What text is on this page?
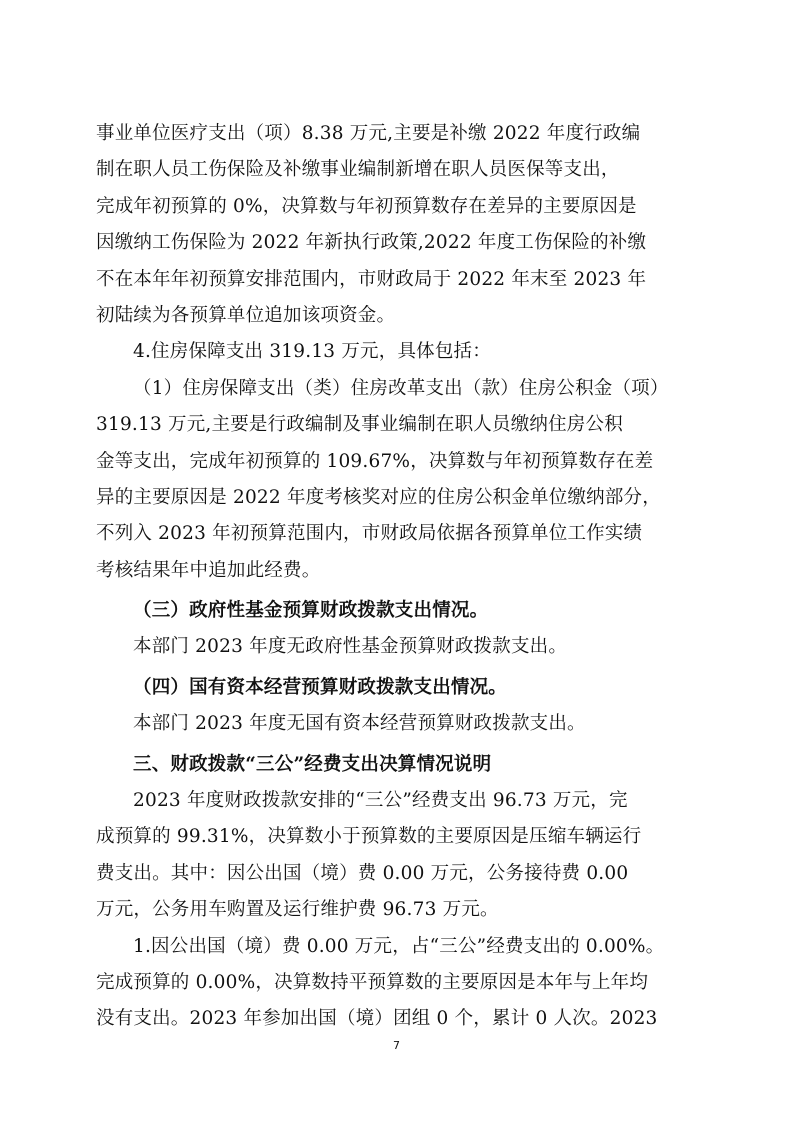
事业单位医疗支出（项）8.38 万元,主要是补缴 2022 年度行政编
制在职人员工伤保险及补缴事业编制新增在职人员医保等支出，
完成年初预算的 0%，决算数与年初预算数存在差异的主要原因是
因缴纳工伤保险为 2022 年新执行政策,2022 年度工伤保险的补缴
不在本年年初预算安排范围内，市财政局于 2022 年末至 2023 年
初陆续为各预算单位追加该项资金。
4.住房保障支出 319.13 万元，具体包括：
（1）住房保障支出（类）住房改革支出（款）住房公积金（项）
319.13 万元,主要是行政编制及事业编制在职人员缴纳住房公积
金等支出，完成年初预算的 109.67%，决算数与年初预算数存在差
异的主要原因是 2022 年度考核奖对应的住房公积金单位缴纳部分，
不列入 2023 年初预算范围内，市财政局依据各预算单位工作实绩
考核结果年中追加此经费。
（三）政府性基金预算财政拨款支出情况。
本部门 2023 年度无政府性基金预算财政拨款支出。
（四）国有资本经营预算财政拨款支出情况。
本部门 2023 年度无国有资本经营预算财政拨款支出。
三、财政拨款“三公”经费支出决算情况说明
2023 年度财政拨款安排的“三公”经费支出 96.73 万元，完
成预算的 99.31%，决算数小于预算数的主要原因是压缩车辆运行
费支出。其中：因公出国（境）费 0.00 万元，公务接待费 0.00
万元，公务用车购置及运行维护费 96.73 万元。
1.因公出国（境）费 0.00 万元，占“三公”经费支出的 0.00%。
完成预算的 0.00%，决算数持平预算数的主要原因是本年与上年均
没有支出。2023 年参加出国（境）团组 0 个，累计 0 人次。2023
7
